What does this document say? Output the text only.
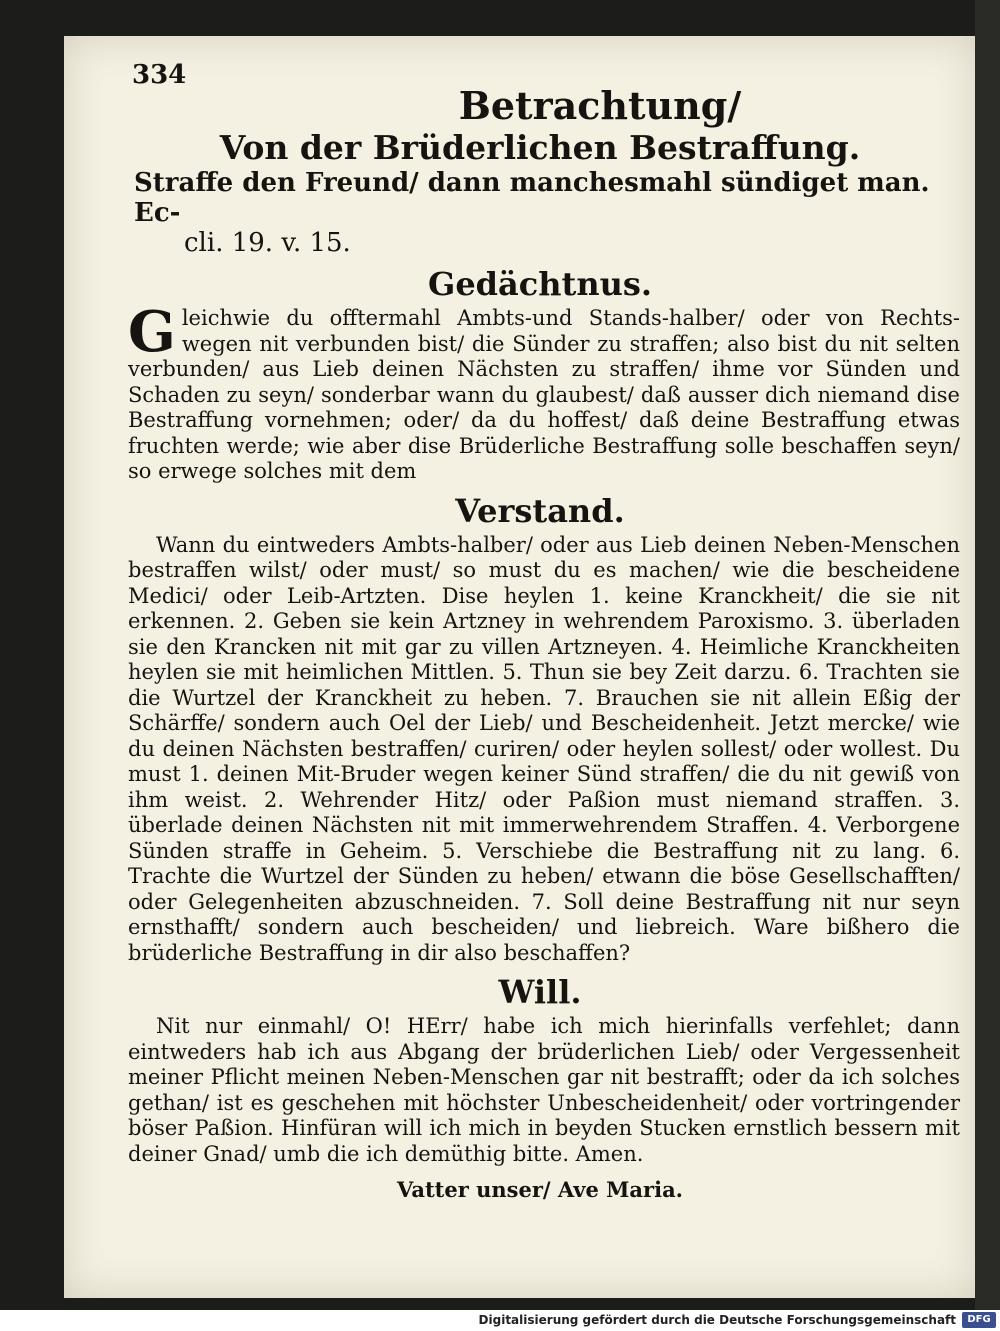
334
Betrachtung/
Von der Brüderlichen Bestraffung.
Straffe den Freund/ dann manchesmahl sündiget man. Ec-
cli. 19. v. 15.
Gedächtnus.

G leichwie du offtermahl Ambts-und Stands-halber/ oder von Rechts-wegen nit verbunden bist/ die Sünder zu straffen; also bist du nit selten verbunden/ aus Lieb deinen Nächsten zu straffen/ ihme vor Sünden und Schaden zu seyn/ sonderbar wann du glaubest/ daß ausser dich niemand dise Bestraffung vornehmen; oder/ da du hoffest/ daß deine Bestraffung etwas fruchten werde; wie aber dise Brüderliche Bestraffung solle beschaffen seyn/ so erwege solches mit dem

Verstand.

Wann du eintweders Ambts-halber/ oder aus Lieb deinen Neben-Menschen bestraffen wilst/ oder must/ so must du es machen/ wie die bescheidene Medici/ oder Leib-Artzten. Dise heylen 1. keine Kranckheit/ die sie nit erkennen. 2. Geben sie kein Artzney in wehrendem Paroxismo. 3. überladen sie den Krancken nit mit gar zu villen Artzneyen. 4. Heimliche Kranckheiten heylen sie mit heimlichen Mittlen. 5. Thun sie bey Zeit darzu. 6. Trachten sie die Wurtzel der Kranckheit zu heben. 7. Brauchen sie nit allein Eßig der Schärffe/ sondern auch Oel der Lieb/ und Bescheidenheit. Jetzt mercke/ wie du deinen Nächsten bestraffen/ curiren/ oder heylen sollest/ oder wollest. Du must 1. deinen Mit-Bruder wegen keiner Sünd straffen/ die du nit gewiß von ihm weist. 2. Wehrender Hitz/ oder Paßion must niemand straffen. 3. überlade deinen Nächsten nit mit immerwehrendem Straffen. 4. Verborgene Sünden straffe in Geheim. 5. Verschiebe die Bestraffung nit zu lang. 6. Trachte die Wurtzel der Sünden zu heben/ etwann die böse Gesellschafften/ oder Gelegenheiten abzuschneiden. 7. Soll deine Bestraffung nit nur seyn ernsthafft/ sondern auch bescheiden/ und liebreich. Ware bißhero die brüderliche Bestraffung in dir also beschaffen?

Will.

Nit nur einmahl/ O! HErr/ habe ich mich hierinfalls verfehlet; dann eintweders hab ich aus Abgang der brüderlichen Lieb/ oder Vergessenheit meiner Pflicht meinen Neben-Menschen gar nit bestrafft; oder da ich solches gethan/ ist es geschehen mit höchster Unbescheidenheit/ oder vortringender böser Paßion. Hinfüran will ich mich in beyden Stucken ernstlich bessern mit deiner Gnad/ umb die ich demüthig bitte. Amen.

Vatter unser/ Ave Maria.
Digitalisierung gefördert durch die Deutsche Forschungsgemeinschaft	DFG
